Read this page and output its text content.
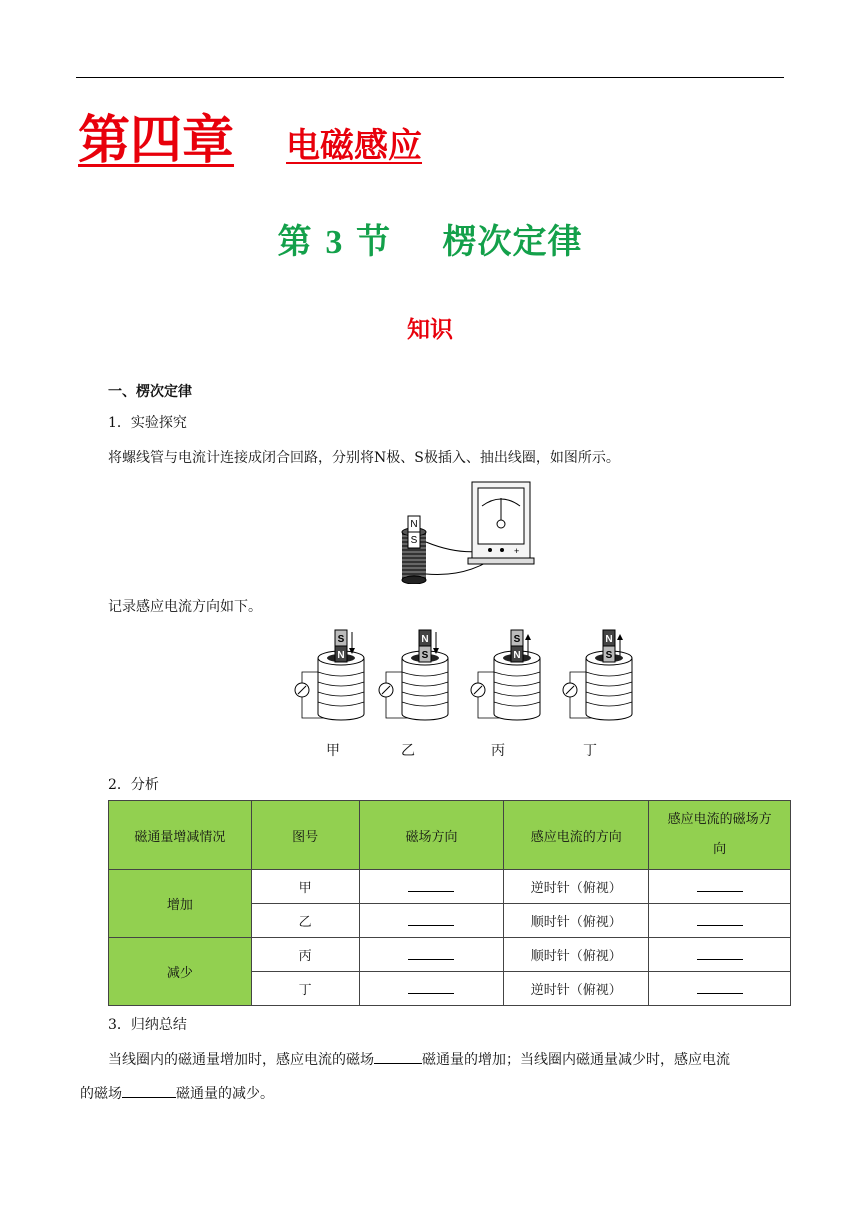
第四章 电磁感应
第 3 节 楞次定律
知识
一、楞次定律
1．实验探究
将螺线管与电流计连接成闭合回路，分别将N极、S极插入、抽出线圈，如图所示。
N
S
+
记录感应电流方向如下。
S
N
N
S
S
N
N
S
甲	乙	丙	丁
2．分析
磁通量增减情况	图号	磁场方向	感应电流的方向	感应电流的磁场方
向
增加	甲		逆时针（俯视）	
	乙		顺时针（俯视）	
减少	丙		顺时针（俯视）	
	丁		逆时针（俯视）	
3．归纳总结
当线圈内的磁通量增加时，感应电流的磁场	磁通量的增加；当线圈内磁通量减少时，感应电流
的磁场	磁通量的减少。
